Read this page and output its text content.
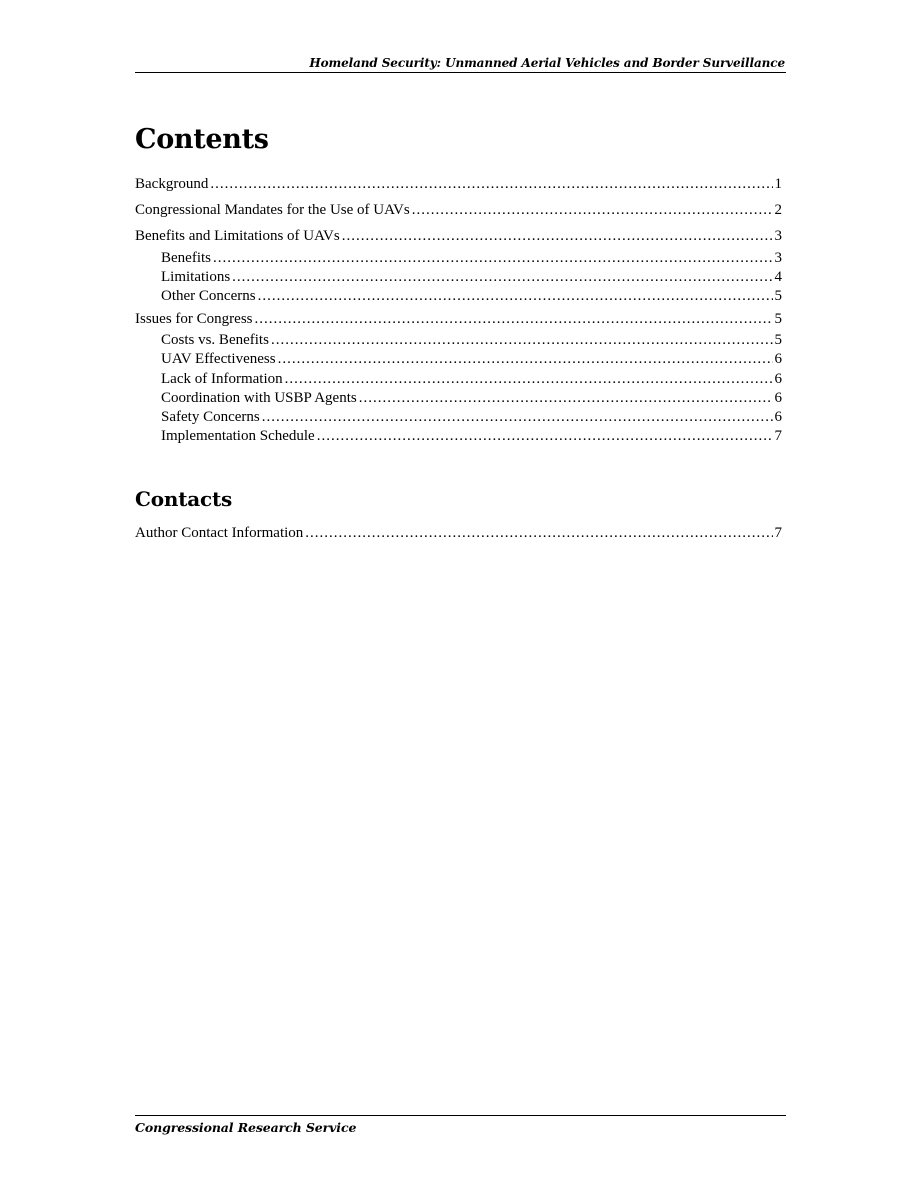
Homeland Security: Unmanned Aerial Vehicles and Border Surveillance
Contents
Background .....	1
Congressional Mandates for the Use of UAVs .....	2
Benefits and Limitations of UAVs .....	3
Benefits .....	3
Limitations .....	4
Other Concerns .....	5
Issues for Congress .....	5
Costs vs. Benefits .....	5
UAV Effectiveness .....	6
Lack of Information .....	6
Coordination with USBP Agents .....	6
Safety Concerns .....	6
Implementation Schedule .....	7
Contacts
Author Contact Information .....	7
Congressional Research Service
